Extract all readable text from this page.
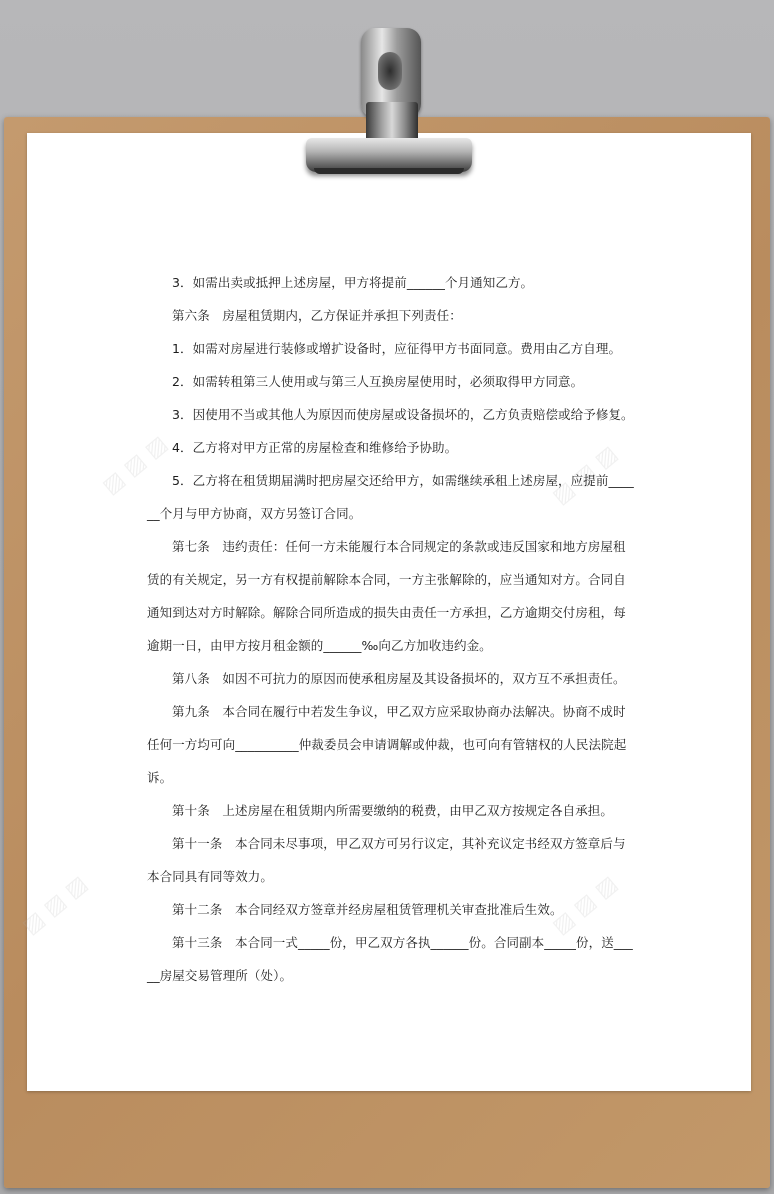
▨ ▨ ▨	▨ ▨ ▨
▨ ▨ ▨	▨ ▨ ▨

3．如需出卖或抵押上述房屋，甲方将提前______个月通知乙方。

第六条　房屋租赁期内，乙方保证并承担下列责任：

1．如需对房屋进行装修或增扩设备时，应征得甲方书面同意。费用由乙方自理。

2．如需转租第三人使用或与第三人互换房屋使用时，必须取得甲方同意。

3．因使用不当或其他人为原因而使房屋或设备损坏的，乙方负责赔偿或给予修复。

4．乙方将对甲方正常的房屋检查和维修给予协助。

5．乙方将在租赁期届满时把房屋交还给甲方，如需继续承租上述房屋，应提前______个月与甲方协商，双方另签订合同。

第七条　违约责任：任何一方未能履行本合同规定的条款或违反国家和地方房屋租赁的有关规定，另一方有权提前解除本合同，一方主张解除的，应当通知对方。合同自通知到达对方时解除。解除合同所造成的损失由责任一方承担，乙方逾期交付房租，每逾期一日，由甲方按月租金额的______‰向乙方加收违约金。

第八条　如因不可抗力的原因而使承租房屋及其设备损坏的，双方互不承担责任。

第九条　本合同在履行中若发生争议，甲乙双方应采取协商办法解决。协商不成时任何一方均可向__________仲裁委员会申请调解或仲裁，也可向有管辖权的人民法院起诉。

第十条　上述房屋在租赁期内所需要缴纳的税费，由甲乙双方按规定各自承担。

第十一条　本合同未尽事项，甲乙双方可另行议定，其补充议定书经双方签章后与本合同具有同等效力。

第十二条　本合同经双方签章并经房屋租赁管理机关审查批准后生效。

第十三条　本合同一式_____份，甲乙双方各执______份。合同副本_____份，送_____房屋交易管理所（处）。
